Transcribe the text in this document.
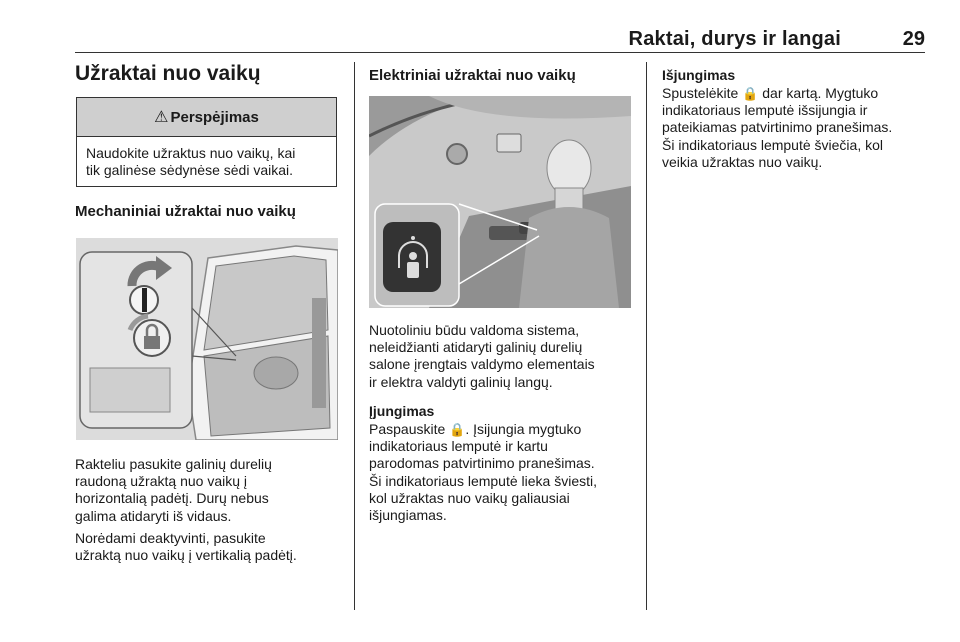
Raktai, durys ir langai	29
Užraktai nuo vaikų
⚠ Perspėjimas
Naudokite užraktus nuo vaikų, kai
tik galinėse sėdynėse sėdi vaikai.
Mechaniniai užraktai nuo vaikų

Rakteliu pasukite galinių durelių
raudoną užraktą nuo vaikų į
horizontalią padėtį. Durų nebus
galima atidaryti iš vidaus.

Norėdami deaktyvinti, pasukite
užraktą nuo vaikų į vertikalią padėtį.

Elektriniai užraktai nuo vaikų

Nuotoliniu būdu valdoma sistema,
neleidžianti atidaryti galinių durelių
salone įrengtais valdymo elementais
ir elektra valdyti galinių langų.

Įjungimas

Paspauskite 🔒. Įsijungia mygtuko
indikatoriaus lemputė ir kartu
parodomas patvirtinimo pranešimas.
Ši indikatoriaus lemputė lieka šviesti,
kol užraktas nuo vaikų galiausiai
išjungiamas.

Išjungimas

Spustelėkite 🔒 dar kartą. Mygtuko
indikatoriaus lemputė išsijungia ir
pateikiamas patvirtinimo pranešimas.
Ši indikatoriaus lemputė šviečia, kol
veikia užraktas nuo vaikų.
